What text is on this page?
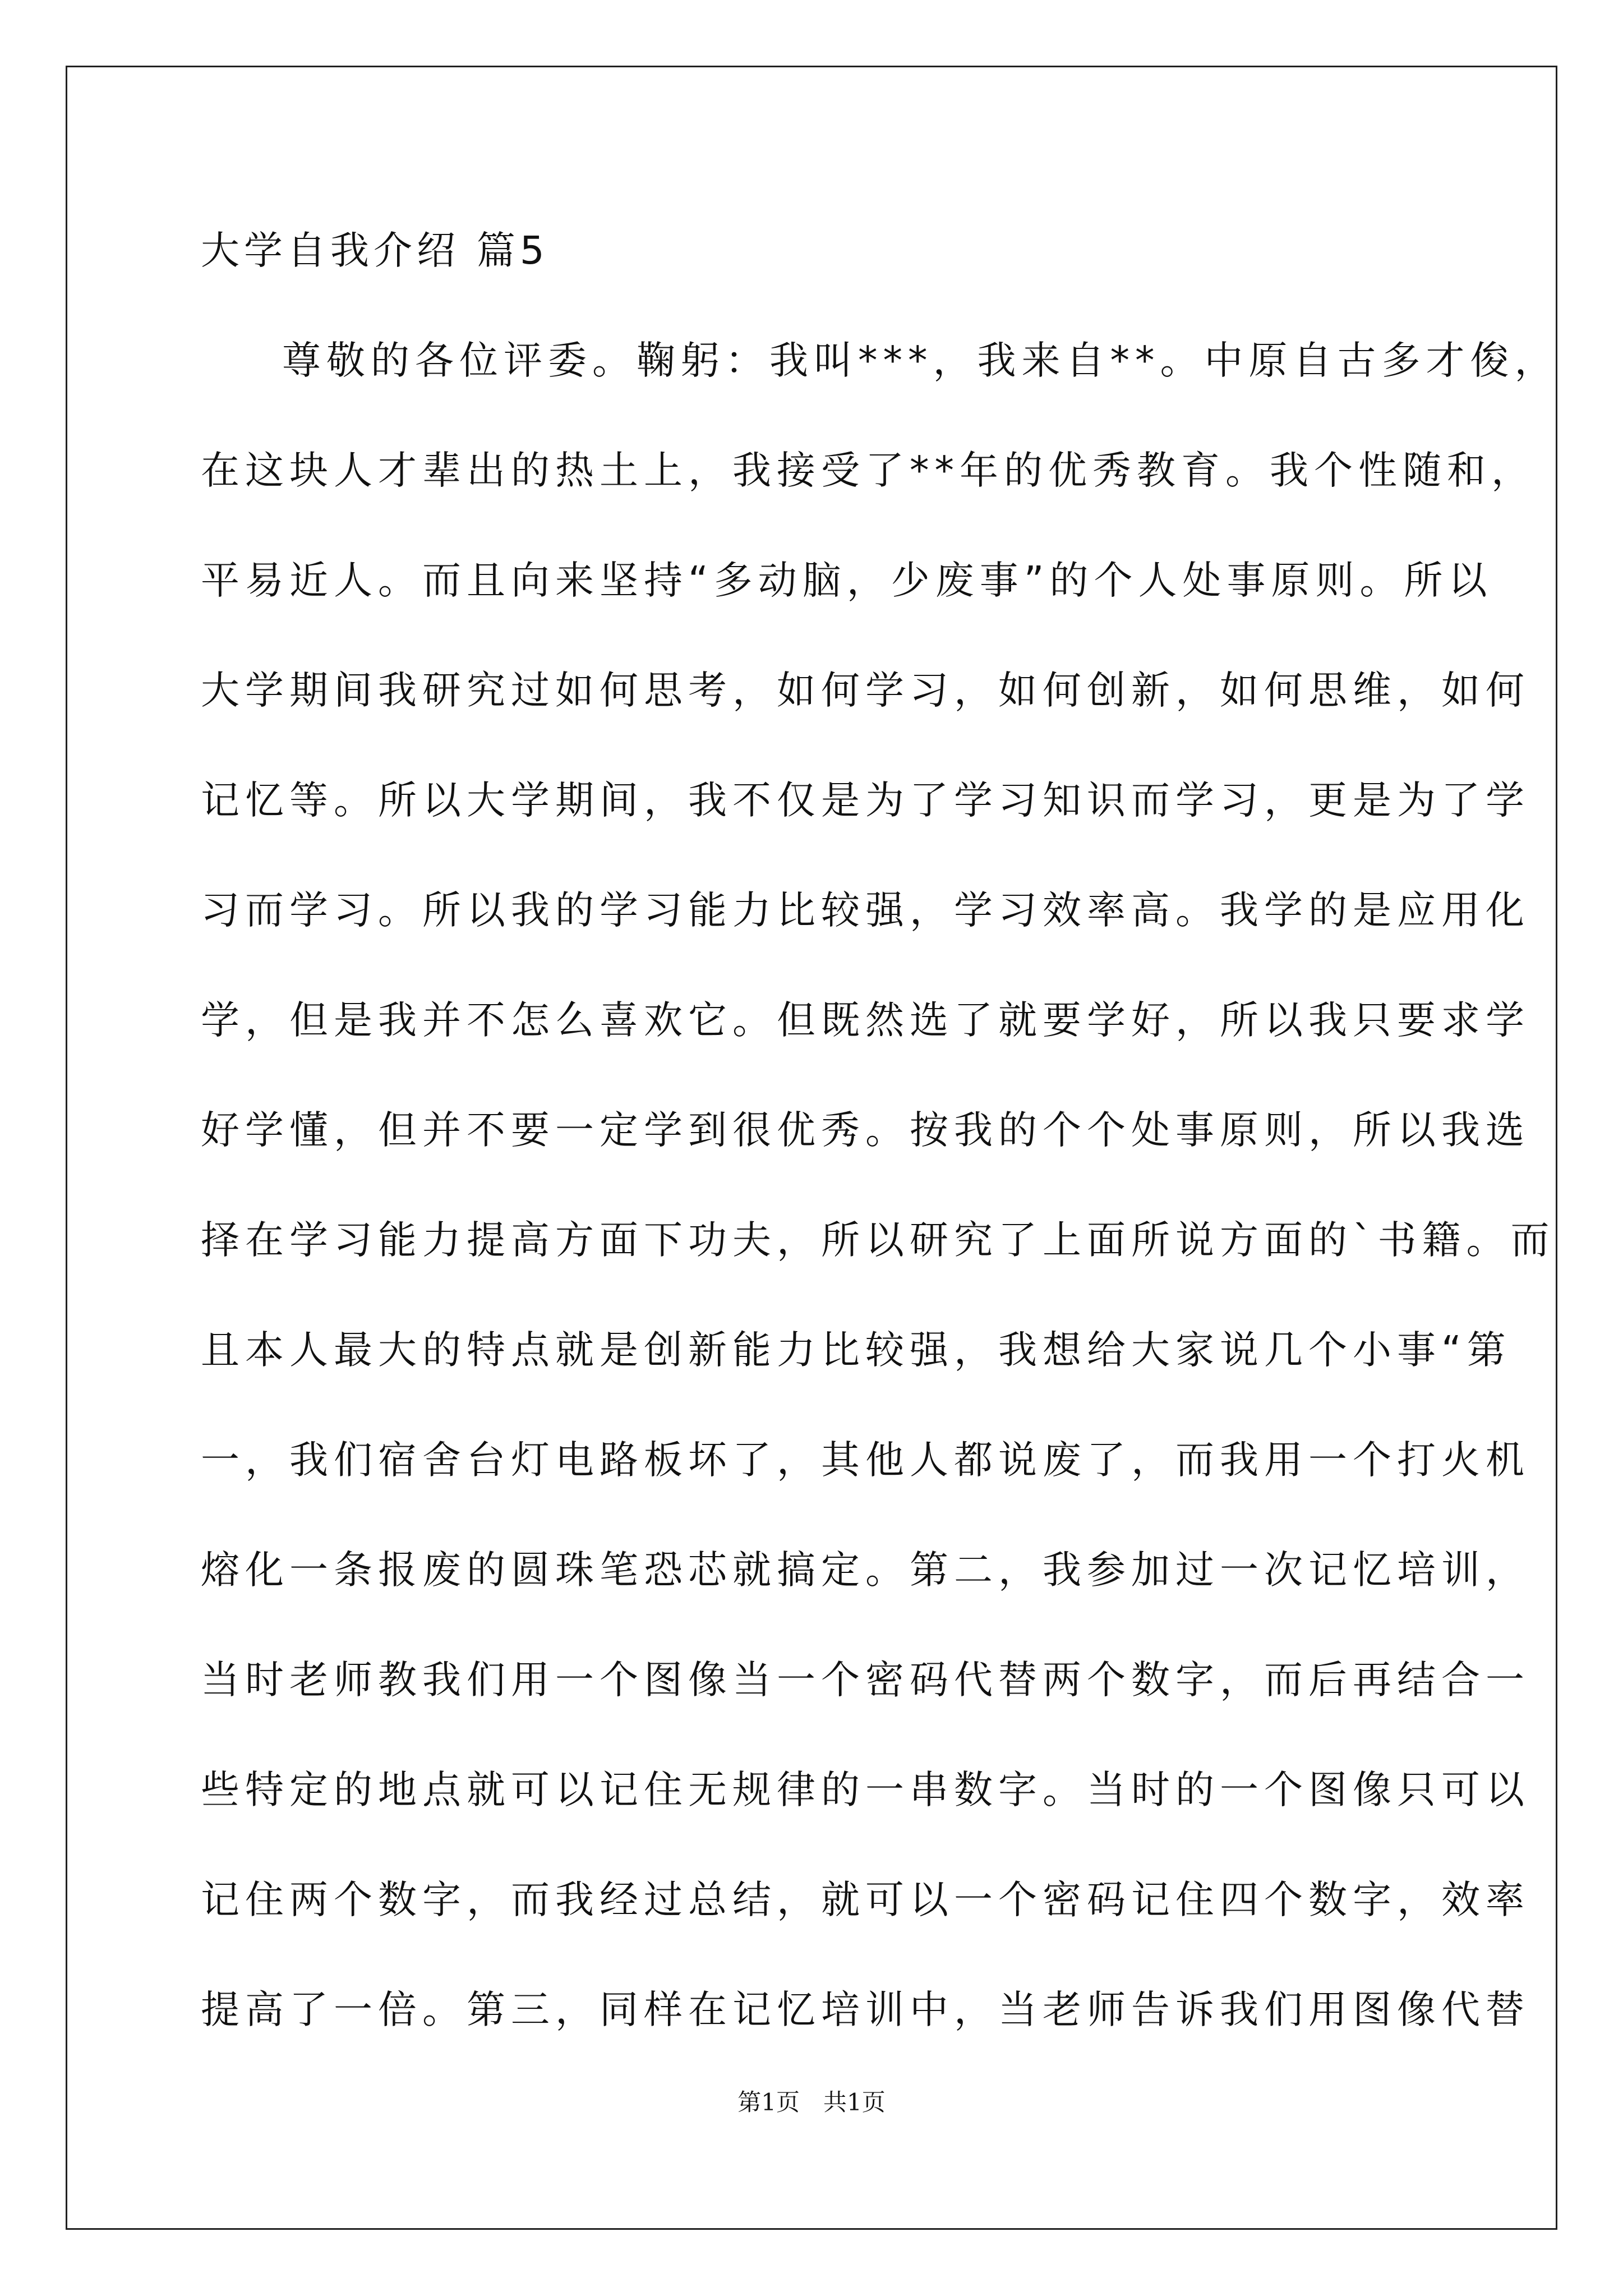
大学自我介绍 篇5
尊敬的各位评委。鞠躬：我叫***，我来自**。中原自古多才俊，
在这块人才辈出的热土上，我接受了**年的优秀教育。我个性随和，
平易近人。而且向来坚持“多动脑，少废事”的个人处事原则。所以
大学期间我研究过如何思考，如何学习，如何创新，如何思维，如何
记忆等。所以大学期间，我不仅是为了学习知识而学习，更是为了学
习而学习。所以我的学习能力比较强，学习效率高。我学的是应用化
学，但是我并不怎么喜欢它。但既然选了就要学好，所以我只要求学
好学懂，但并不要一定学到很优秀。按我的个个处事原则，所以我选
择在学习能力提高方面下功夫，所以研究了上面所说方面的`书籍。而
且本人最大的特点就是创新能力比较强，我想给大家说几个小事“第
一，我们宿舍台灯电路板坏了，其他人都说废了，而我用一个打火机
熔化一条报废的圆珠笔恐芯就搞定。第二，我参加过一次记忆培训，
当时老师教我们用一个图像当一个密码代替两个数字，而后再结合一
些特定的地点就可以记住无规律的一串数字。当时的一个图像只可以
记住两个数字，而我经过总结，就可以一个密码记住四个数字，效率
提高了一倍。第三，同样在记忆培训中，当老师告诉我们用图像代替
第1页　共1页
